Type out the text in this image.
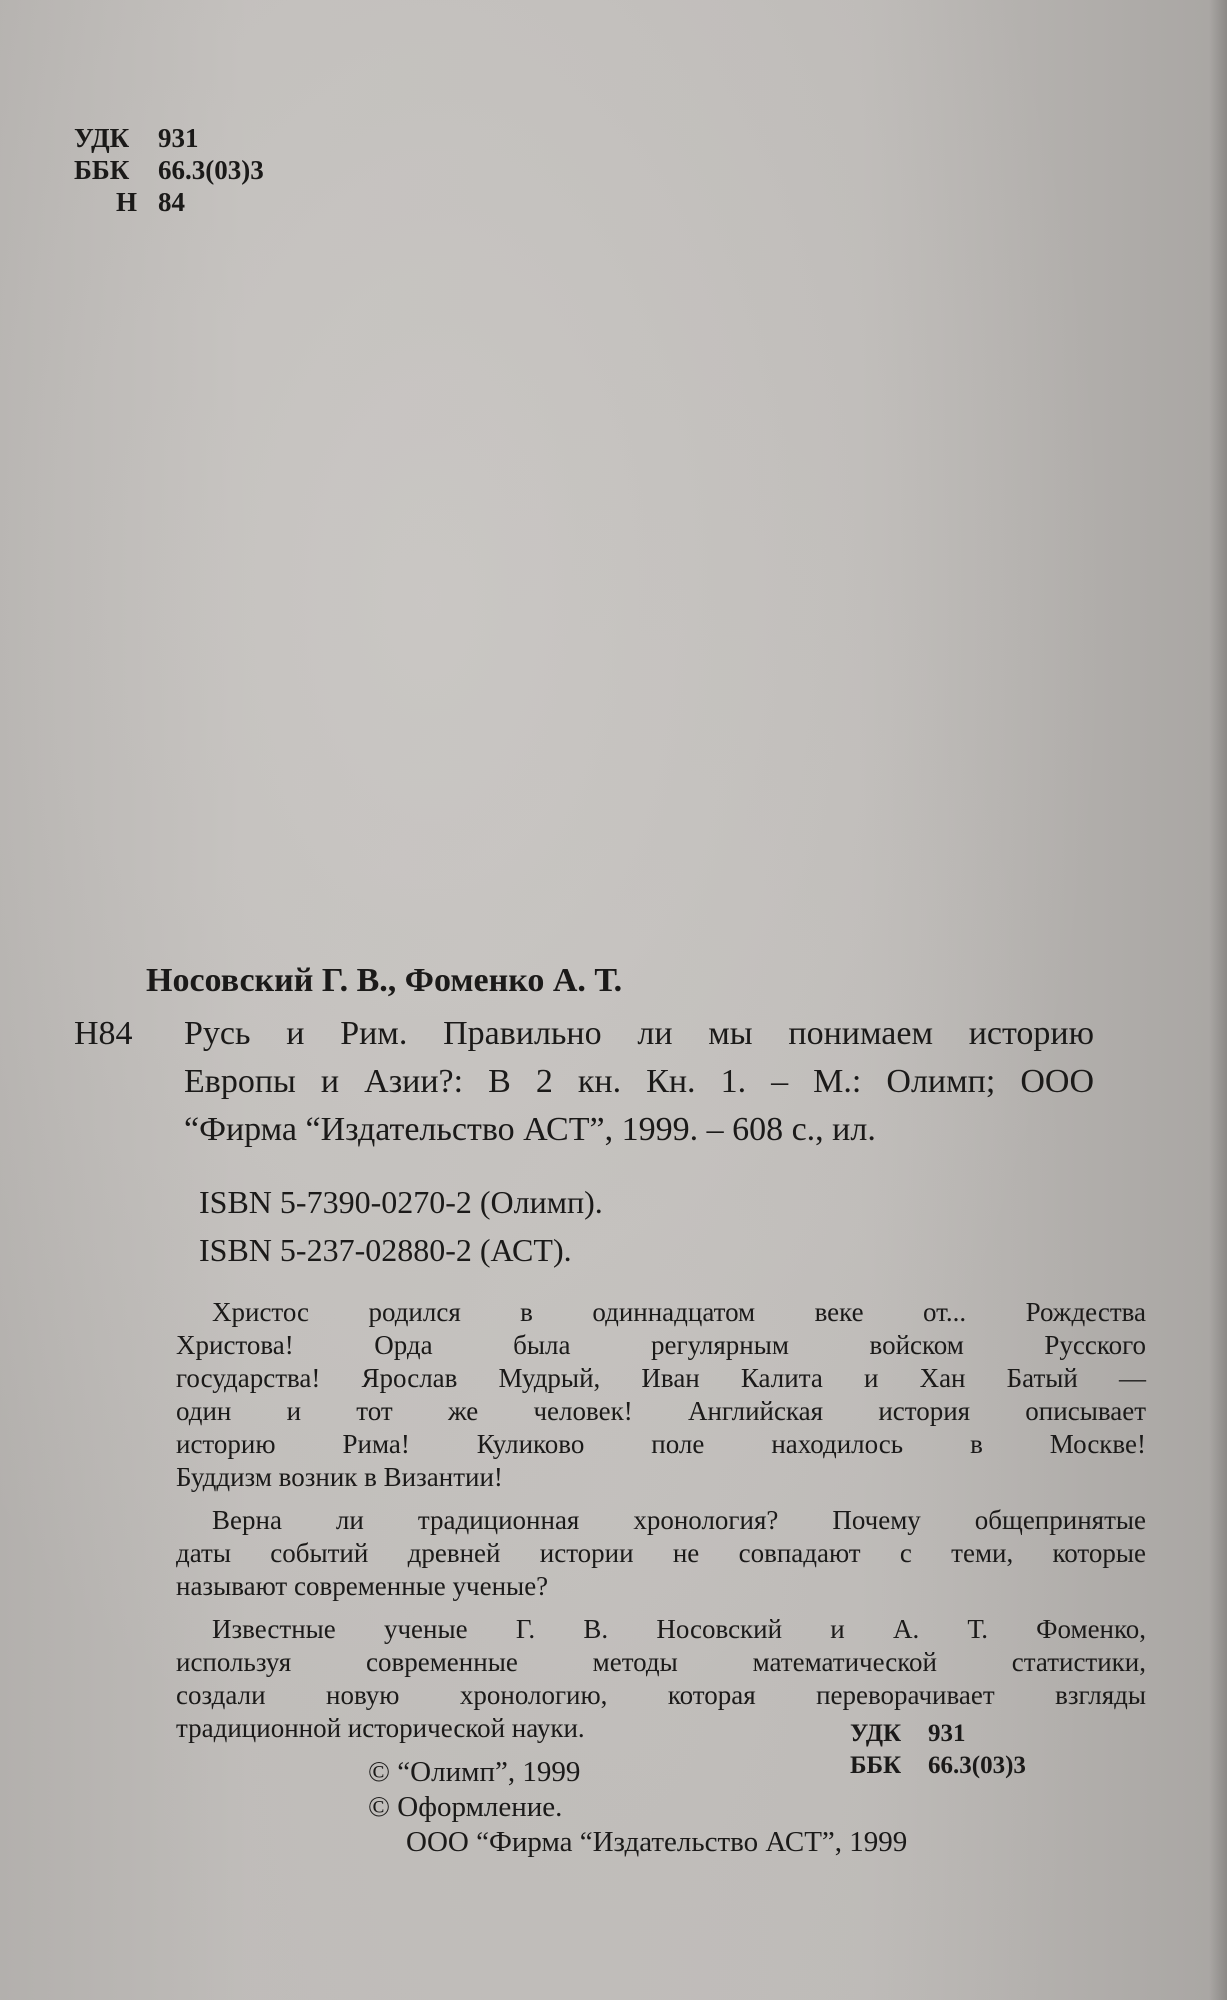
УДК	931
ББК	66.3(03)3
Н 84
Носовский Г. В., Фоменко А. Т.
Н84	Русь и Рим. Правильно ли мы понимаем историю
Европы и Азии?: В 2 кн. Кн. 1. – М.: Олимп; ООО
“Фирма “Издательство АСТ”, 1999. – 608 с., ил.
ISBN 5-7390-0270-2 (Олимп).
ISBN 5-237-02880-2 (АСТ).

Христос родился в одиннадцатом веке от... Рождества
Христова! Орда была регулярным войском Русского
государства! Ярослав Мудрый, Иван Калита и Хан Батый —
один и тот же человек! Английская история описывает
историю Рима! Куликово поле находилось в Москве!
Буддизм возник в Византии!

Верна ли традиционная хронология? Почему общепринятые
даты событий древней истории не совпадают с теми, которые
называют современные ученые?

Известные ученые Г. В. Носовский и А. Т. Фоменко,
используя современные методы математической статистики,
создали новую хронологию, которая переворачивает взгляды
традиционной исторической науки.	УДК	931
ББК	66.3(03)3
© “Олимп”, 1999
© Оформление.
ООО “Фирма “Издательство АСТ”, 1999
